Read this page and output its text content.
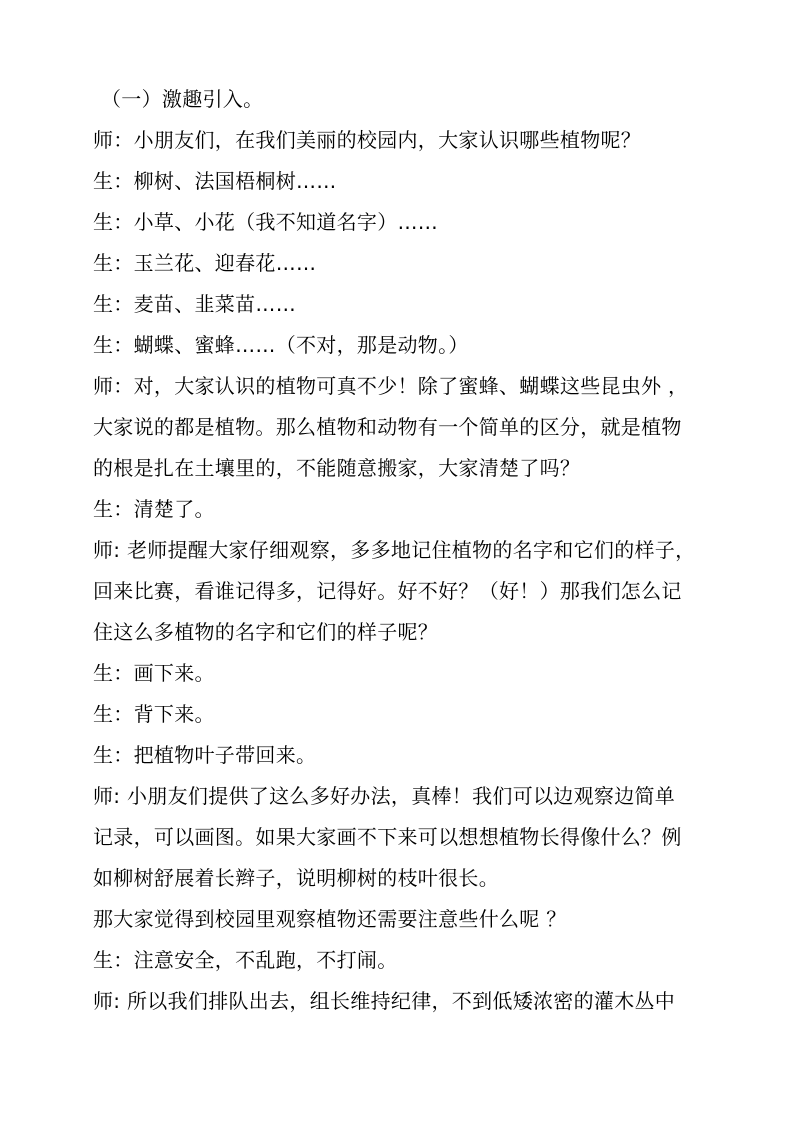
（一）激趣引入。
师：小朋友们，在我们美丽的校园内，大家认识哪些植物呢？
生：柳树、法国梧桐树……
生：小草、小花（我不知道名字）……
生：玉兰花、迎春花……
生：麦苗、韭菜苗……
生：蝴蝶、蜜蜂……（不对，那是动物。）
师：对，大家认识的植物可真不少！除了蜜蜂、蝴蝶这些昆虫外 ，
大家说的都是植物。那么植物和动物有一个简单的区分，就是植物
的根是扎在土壤里的，不能随意搬家，大家清楚了吗？
生：清楚了。
师: 老师提醒大家仔细观察，多多地记住植物的名字和它们的样子，
回来比赛，看谁记得多，记得好。好不好？（好！）那我们怎么记
住这么多植物的名字和它们的样子呢？
生：画下来。
生：背下来。
生：把植物叶子带回来。
师: 小朋友们提供了这么多好办法，真棒！我们可以边观察边简单
记录，可以画图。如果大家画不下来可以想想植物长得像什么？例
如柳树舒展着长辫子，说明柳树的枝叶很长。
那大家觉得到校园里观察植物还需要注意些什么呢 ？
生：注意安全，不乱跑，不打闹。
师: 所以我们排队出去，组长维持纪律，不到低矮浓密的灌木丛中
